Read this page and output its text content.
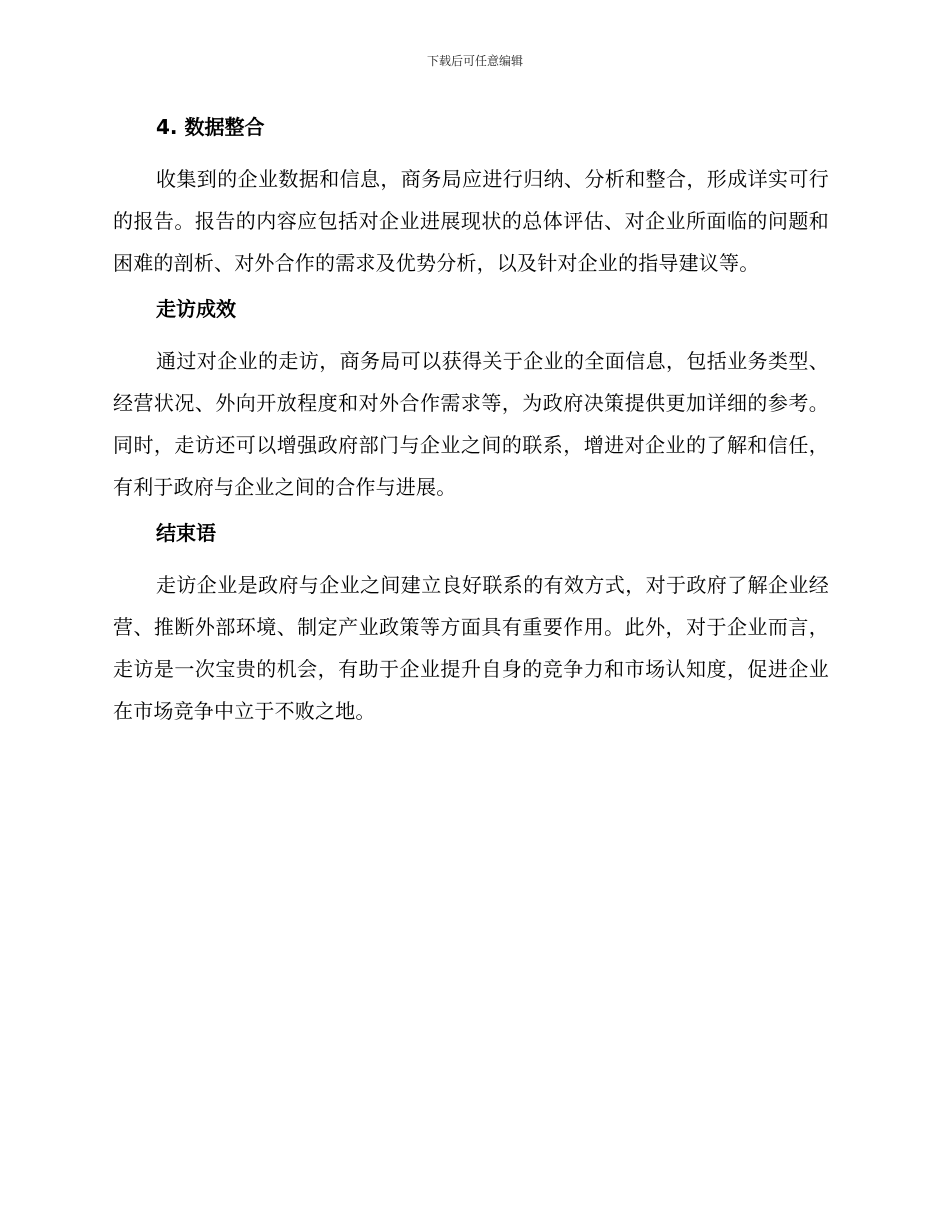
下载后可任意编辑
4. 数据整合

收集到的企业数据和信息，商务局应进行归纳、分析和整合，形成详实可行的报告。报告的内容应包括对企业进展现状的总体评估、对企业所面临的问题和困难的剖析、对外合作的需求及优势分析，以及针对企业的指导建议等。

走访成效

通过对企业的走访，商务局可以获得关于企业的全面信息，包括业务类型、经营状况、外向开放程度和对外合作需求等，为政府决策提供更加详细的参考。同时，走访还可以增强政府部门与企业之间的联系，增进对企业的了解和信任，有利于政府与企业之间的合作与进展。

结束语

走访企业是政府与企业之间建立良好联系的有效方式，对于政府了解企业经营、推断外部环境、制定产业政策等方面具有重要作用。此外，对于企业而言，走访是一次宝贵的机会，有助于企业提升自身的竞争力和市场认知度，促进企业在市场竞争中立于不败之地。
